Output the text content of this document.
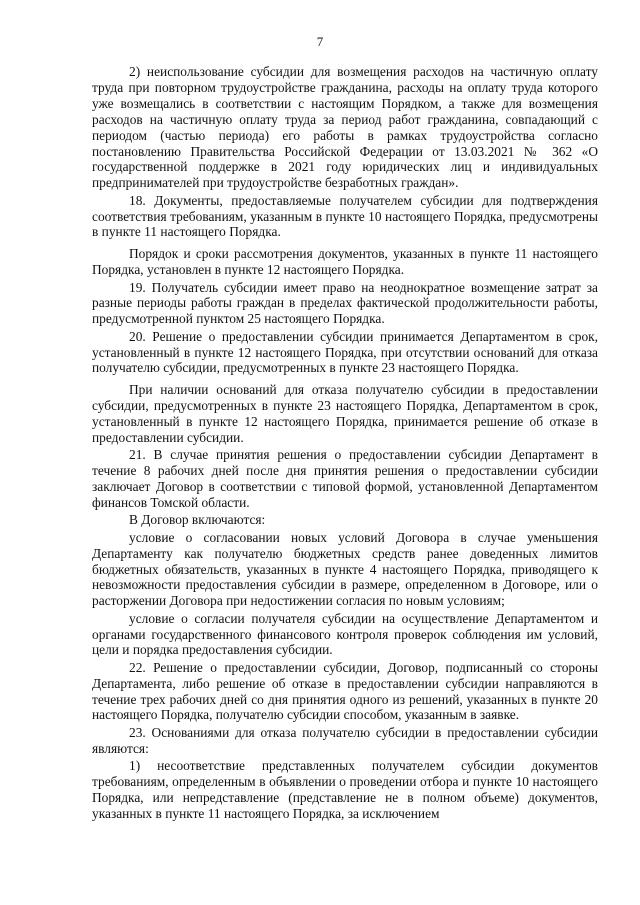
7

2) неиспользование субсидии для возмещения расходов на частичную оплату труда при повторном трудоустройстве гражданина, расходы на оплату труда которого уже возмещались в соответствии с настоящим Порядком, а также для возмещения расходов на частичную оплату труда за период работ гражданина, совпадающий с периодом (частью периода) его работы в рамках трудоустройства согласно постановлению Правительства Российской Федерации от 13.03.2021 № 362 «О государственной поддержке в 2021 году юридических лиц и индивидуальных предпринимателей при трудоустройстве безработных граждан».

18. Документы, предоставляемые получателем субсидии для подтверждения соответствия требованиям, указанным в пункте 10 настоящего Порядка, предусмотрены в пункте 11 настоящего Порядка.

Порядок и сроки рассмотрения документов, указанных в пункте 11 настоящего Порядка, установлен в пункте 12 настоящего Порядка.

19. Получатель субсидии имеет право на неоднократное возмещение затрат за разные периоды работы граждан в пределах фактической продолжительности работы, предусмотренной пунктом 25 настоящего Порядка.

20. Решение о предоставлении субсидии принимается Департаментом в срок, установленный в пункте 12 настоящего Порядка, при отсутствии оснований для отказа получателю субсидии, предусмотренных в пункте 23 настоящего Порядка.

При наличии оснований для отказа получателю субсидии в предоставлении субсидии, предусмотренных в пункте 23 настоящего Порядка, Департаментом в срок, установленный в пункте 12 настоящего Порядка, принимается решение об отказе в предоставлении субсидии.

21. В случае принятия решения о предоставлении субсидии Департамент в течение 8 рабочих дней после дня принятия решения о предоставлении субсидии заключает Договор в соответствии с типовой формой, установленной Департаментом финансов Томской области.

В Договор включаются:

условие о согласовании новых условий Договора в случае уменьшения Департаменту как получателю бюджетных средств ранее доведенных лимитов бюджетных обязательств, указанных в пункте 4 настоящего Порядка, приводящего к невозможности предоставления субсидии в размере, определенном в Договоре, или о расторжении Договора при недостижении согласия по новым условиям;

условие о согласии получателя субсидии на осуществление Департаментом и органами государственного финансового контроля проверок соблюдения им условий, цели и порядка предоставления субсидии.

22. Решение о предоставлении субсидии, Договор, подписанный со стороны Департамента, либо решение об отказе в предоставлении субсидии направляются в течение трех рабочих дней со дня принятия одного из решений, указанных в пункте 20 настоящего Порядка, получателю субсидии способом, указанным в заявке.

23. Основаниями для отказа получателю субсидии в предоставлении субсидии являются:

1) несоответствие представленных получателем субсидии документов требованиям, определенным в объявлении о проведении отбора и пункте 10 настоящего Порядка, или непредставление (представление не в полном объеме) документов, указанных в пункте 11 настоящего Порядка, за исключением
